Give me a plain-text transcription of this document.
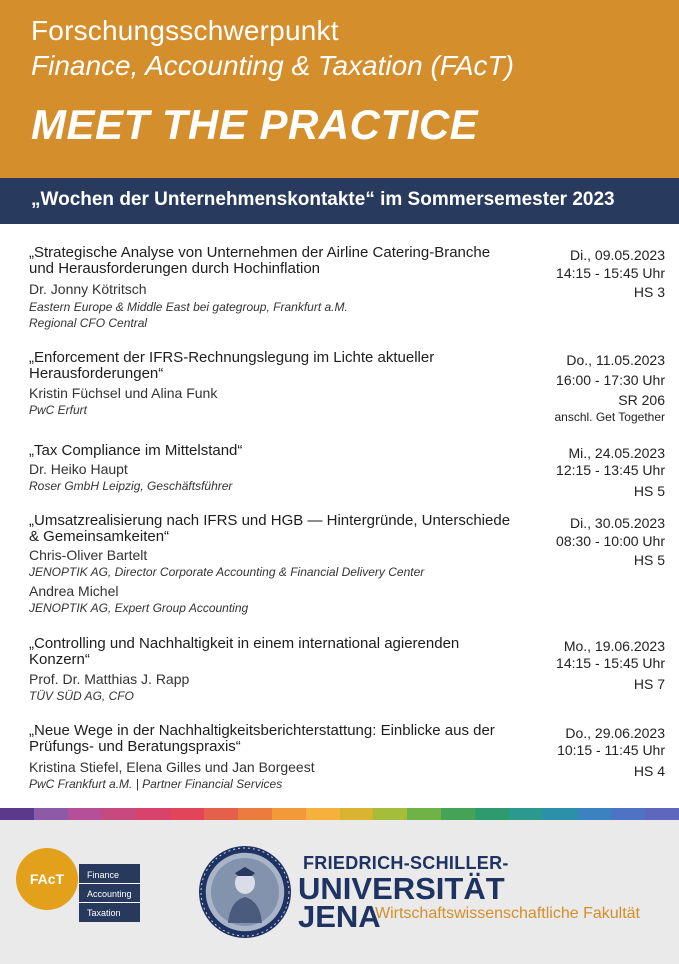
Forschungsschwerpunkt
Finance, Accounting & Taxation (FAcT)
MEET THE PRACTICE
„Wochen der Unternehmenskontakte“ im Sommersemester 2023
„Strategische Analyse von Unternehmen der Airline Catering-Branche und Herausforderungen durch Hochinflation
Dr. Jonny Kötritsch
Eastern Europe & Middle East bei gategroup, Frankfurt a.M.
Regional CFO Central
Di., 09.05.2023
14:15 - 15:45 Uhr
HS 3
„Enforcement der IFRS-Rechnungslegung im Lichte aktueller Herausforderungen“
Kristin Füchsel und Alina Funk
PwC Erfurt
Do., 11.05.2023
16:00 - 17:30 Uhr
SR 206
anschl. Get Together
„Tax Compliance im Mittelstand“
Dr. Heiko Haupt
Roser GmbH Leipzig, Geschäftsführer
Mi., 24.05.2023
12:15 - 13:45 Uhr
HS 5
„Umsatzrealisierung nach IFRS und HGB — Hintergründe, Unterschiede & Gemeinsamkeiten“
Chris-Oliver Bartelt
JENOPTIK AG, Director Corporate Accounting & Financial Delivery Center
Andrea Michel
JENOPTIK AG, Expert Group Accounting
Di., 30.05.2023
08:30 - 10:00 Uhr
HS 5
„Controlling und Nachhaltigkeit in einem international agierenden Konzern“
Prof. Dr. Matthias J. Rapp
TÜV SÜD AG, CFO
Mo., 19.06.2023
14:15 - 15:45 Uhr
HS 7
„Neue Wege in der Nachhaltigkeitsberichterstattung: Einblicke aus der Prüfungs- und Beratungspraxis“
Kristina Stiefel, Elena Gilles und Jan Borgeest
PwC Frankfurt a.M. | Partner Financial Services
Do., 29.06.2023
10:15 - 11:45 Uhr
HS 4
FAcT	Finance
Accounting
Taxation
FRIEDRICH-SCHILLER-
UNIVERSITÄT
JENA
Wirtschaftswissenschaftliche Fakultät
